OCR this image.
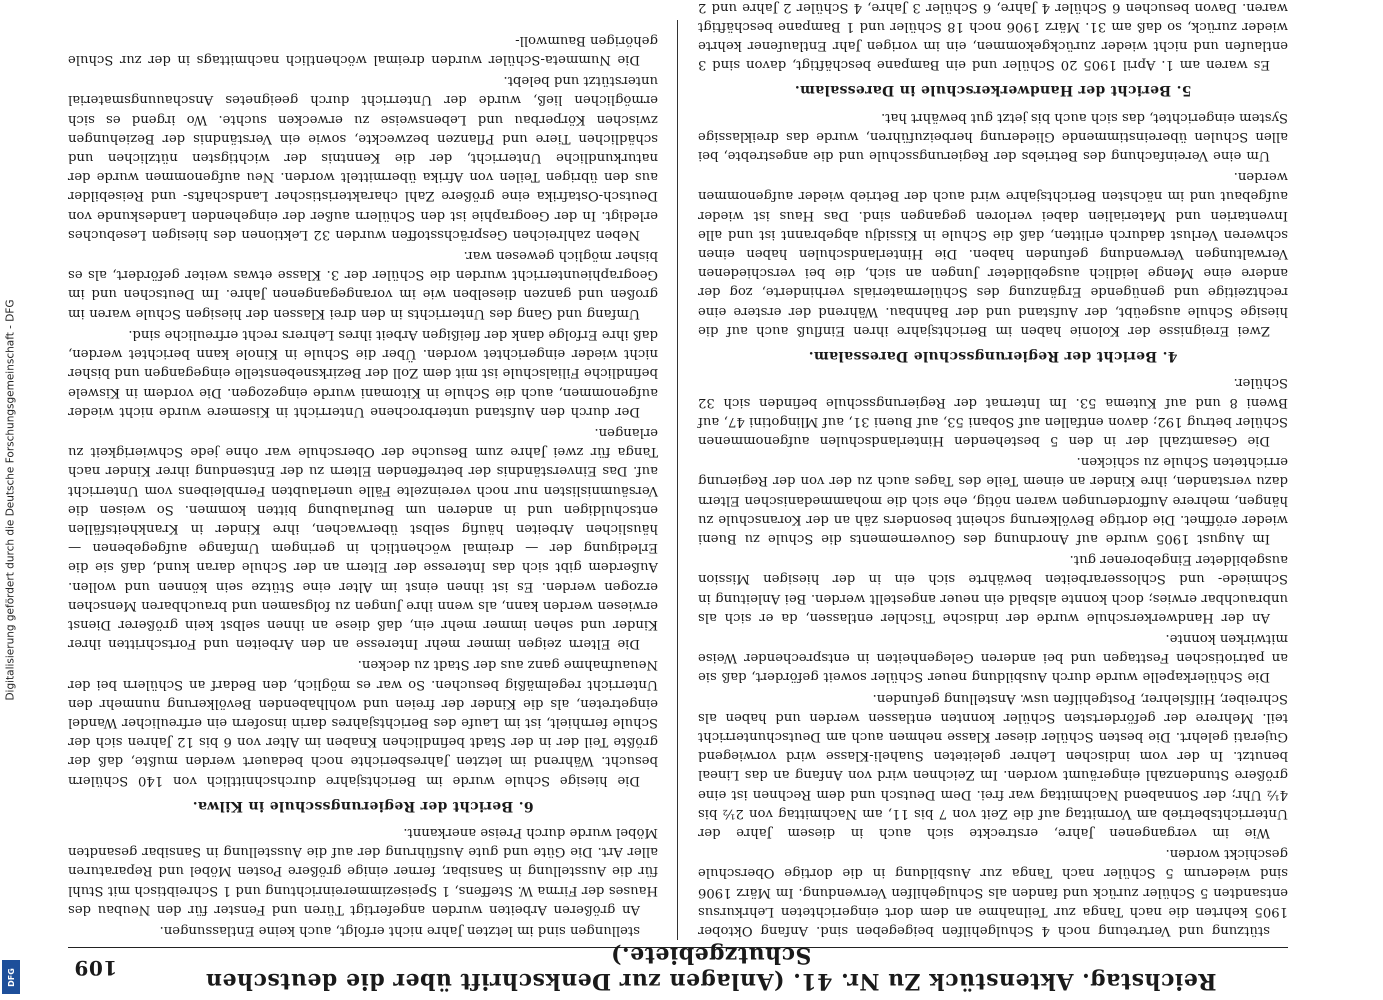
Digitalisierung gefördert durch die Deutsche Forschungsgemeinschaft - DFG
DFG	Reichstag. Aktenstück Zu Nr. 41. (Anlagen zur Denkschrift über die deutschen Schutzgebiete.)
109

stützung und Vertretung noch 4 Schulgehilfen beigegeben sind. Anfang Oktober 1905 kehrten die nach Tanga zur Teilnahme an dem dort eingerichteten Lehrkursus entsandten 5 Schüler zurück und fanden als Schulgehilfen Verwendung. Im März 1906 sind wiederum 5 Schüler nach Tanga zur Ausbildung in die dortige Oberschule geschickt worden.

Wie im vergangenen Jahre, erstreckte sich auch in diesem Jahre der Unterrichtsbetrieb am Vormittag auf die Zeit von 7 bis 11, am Nachmittag von 2½ bis 4½ Uhr; der Sonnabend Nachmittag war frei. Dem Deutsch und dem Rechnen ist eine größere Stundenzahl eingeräumt worden. Im Zeichnen wird von Anfang an das Lineal benutzt. In der vom indischen Lehrer geleiteten Suaheli-Klasse wird vorwiegend Gujerati gelehrt. Die besten Schüler dieser Klasse nehmen auch am Deutschunterricht teil. Mehrere der gefördertsten Schüler konnten entlassen werden und haben als Schreiber, Hilfslehrer, Postgehilfen usw. Anstellung gefunden.

Die Schülerkapelle wurde durch Ausbildung neuer Schüler soweit gefördert, daß sie an patriotischen Festtagen und bei anderen Gelegenheiten in entsprechender Weise mitwirken konnte.

An der Handwerkerschule wurde der indische Tischler entlassen, da er sich als unbrauchbar erwies; doch konnte alsbald ein neuer angestellt werden. Bei Anleitung in Schmiede- und Schlosserarbeiten bewährte sich ein in der hiesigen Mission ausgebildeter Eingeborener gut.

Im August 1905 wurde auf Anordnung des Gouvernements die Schule zu Bueni wieder eröffnet. Die dortige Bevölkerung scheint besonders zäh an der Koranschule zu hängen, mehrere Aufforderungen waren nötig, ehe sich die mohammedanischen Eltern dazu verstanden, ihre Kinder an einem Teile des Tages auch zu der von der Regierung errichteten Schule zu schicken.

Die Gesamtzahl der in den 5 bestehenden Hinterlandschulen aufgenommenen Schüler betrug 192; davon entfallen auf Sobani 53, auf Bueni 31, auf Mlingotini 47, auf Bweni 8 und auf Kutema 53. Im Internat der Regierungsschule befinden sich 32 Schüler.

4. Bericht der Regierungsschule Daressalam.

Zwei Ereignisse der Kolonie haben im Berichtsjahre ihren Einfluß auch auf die hiesige Schule ausgeübt, der Aufstand und der Bahnbau. Während der erstere eine rechtzeitige und genügende Ergänzung des Schülermaterials verhinderte, zog der andere eine Menge leidlich ausgebildeter Jungen an sich, die bei verschiedenen Verwaltungen Verwendung gefunden haben. Die Hinterlandschulen haben einen schweren Verlust dadurch erlitten, daß die Schule in Kissidju abgebrannt ist und alle Inventarien und Materialien dabei verloren gegangen sind. Das Haus ist wieder aufgebaut und im nächsten Berichtsjahre wird auch der Betrieb wieder aufgenommen werden.

Um eine Vereinfachung des Betriebs der Regierungsschule und die angestrebte, bei allen Schulen übereinstimmende Gliederung herbeizuführen, wurde das dreiklassige System eingerichtet, das sich auch bis jetzt gut bewährt hat.

5. Bericht der Handwerkerschule in Daressalam.

Es waren am 1. April 1905 20 Schüler und ein Bampane beschäftigt, davon sind 3 entlaufen und nicht wieder zurückgekommen, ein im vorigen Jahr Entlaufener kehrte wieder zurück, so daß am 31. März 1906 noch 18 Schüler und 1 Bampane beschäftigt waren. Davon besuchen 6 Schüler 4 Jahre, 6 Schüler 3 Jahre, 4 Schüler 2 Jahre und 2

stellungen sind im letzten Jahre nicht erfolgt, auch keine Entlassungen.

An größeren Arbeiten wurden angefertigt Türen und Fenster für den Neubau des Hauses der Firma W. Steffens, 1 Speisezimmereinrichtung und 1 Schreibtisch mit Stuhl für die Ausstellung in Sansibar, ferner einige größere Posten Möbel und Reparaturen aller Art. Die Güte und gute Ausführung der auf die Ausstellung in Sansibar gesandten Möbel wurde durch Preise anerkannt.

6. Bericht der Regierungsschule in Kilwa.

Die hiesige Schule wurde im Berichtsjahre durchschnittlich von 140 Schülern besucht. Während im letzten Jahresberichte noch bedauert werden mußte, daß der größte Teil der in der Stadt befindlichen Knaben im Alter von 6 bis 12 Jahren sich der Schule fernhielt, ist im Laufe des Berichtsjahres darin insofern ein erfreulicher Wandel eingetreten, als die Kinder der freien und wohlhabenden Bevölkerung nunmehr den Unterricht regelmäßig besuchen. So war es möglich, den Bedarf an Schülern bei der Neuaufnahme ganz aus der Stadt zu decken.

Die Eltern zeigen immer mehr Interesse an den Arbeiten und Fortschritten ihrer Kinder und sehen immer mehr ein, daß diese an ihnen selbst kein größerer Dienst erwiesen werden kann, als wenn ihre Jungen zu folgsamen und brauchbaren Menschen erzogen werden. Es ist ihnen einst im Alter eine Stütze sein können und wollen. Außerdem gibt sich das Interesse der Eltern an der Schule daran kund, daß sie die Erledigung der — dreimal wöchentlich in geringem Umfange aufgegebenen — häuslichen Arbeiten häufig selbst überwachen, ihre Kinder in Krankheitsfällen entschuldigen und in anderen um Beurlaubung bitten kommen. So weisen die Versäumnislisten nur noch vereinzelte Fälle unerlaubten Fernbleibens vom Unterricht auf. Das Einverständnis der betreffenden Eltern zu der Entsendung ihrer Kinder nach Tanga für zwei Jahre zum Besuche der Oberschule war ohne jede Schwierigkeit zu erlangen.

Der durch den Aufstand unterbrochene Unterricht in Kisemere wurde nicht wieder aufgenommen, auch die Schule in Kitomani wurde eingezogen. Die vordem in Kiswele befindliche Filialschule ist mit dem Zoll der Bezirksnebenstelle eingegangen und bisher nicht wieder eingerichtet worden. Über die Schule in Kinole kann berichtet werden, daß ihre Erfolge dank der fleißigen Arbeit ihres Lehrers recht erfreuliche sind.

Umfang und Gang des Unterrichts in den drei Klassen der hiesigen Schule waren im großen und ganzen dieselben wie im vorangegangenen Jahre. Im Deutschen und im Geographieunterricht wurden die Schüler der 3. Klasse etwas weiter gefördert, als es bisher möglich gewesen war.

Neben zahlreichen Gesprächsstoffen wurden 32 Lektionen des hiesigen Lesebuches erledigt. In der Geographie ist den Schülern außer der eingehenden Landeskunde von Deutsch-Ostafrika eine größere Zahl charakteristischer Landschafts- und Reisebilder aus den übrigen Teilen von Afrika übermittelt worden. Neu aufgenommen wurde der naturkundliche Unterricht, der die Kenntnis der wichtigsten nützlichen und schädlichen Tiere und Pflanzen bezweckte, sowie ein Verständnis der Beziehungen zwischen Körperbau und Lebensweise zu erwecken suchte. Wo irgend es sich ermöglichen ließ, wurde der Unterricht durch geeignetes Anschauungsmaterial unterstützt und belebt.

Die Nummeta-Schüler wurden dreimal wöchentlich nachmittags in der zur Schule gehörigen Baumwoll-
